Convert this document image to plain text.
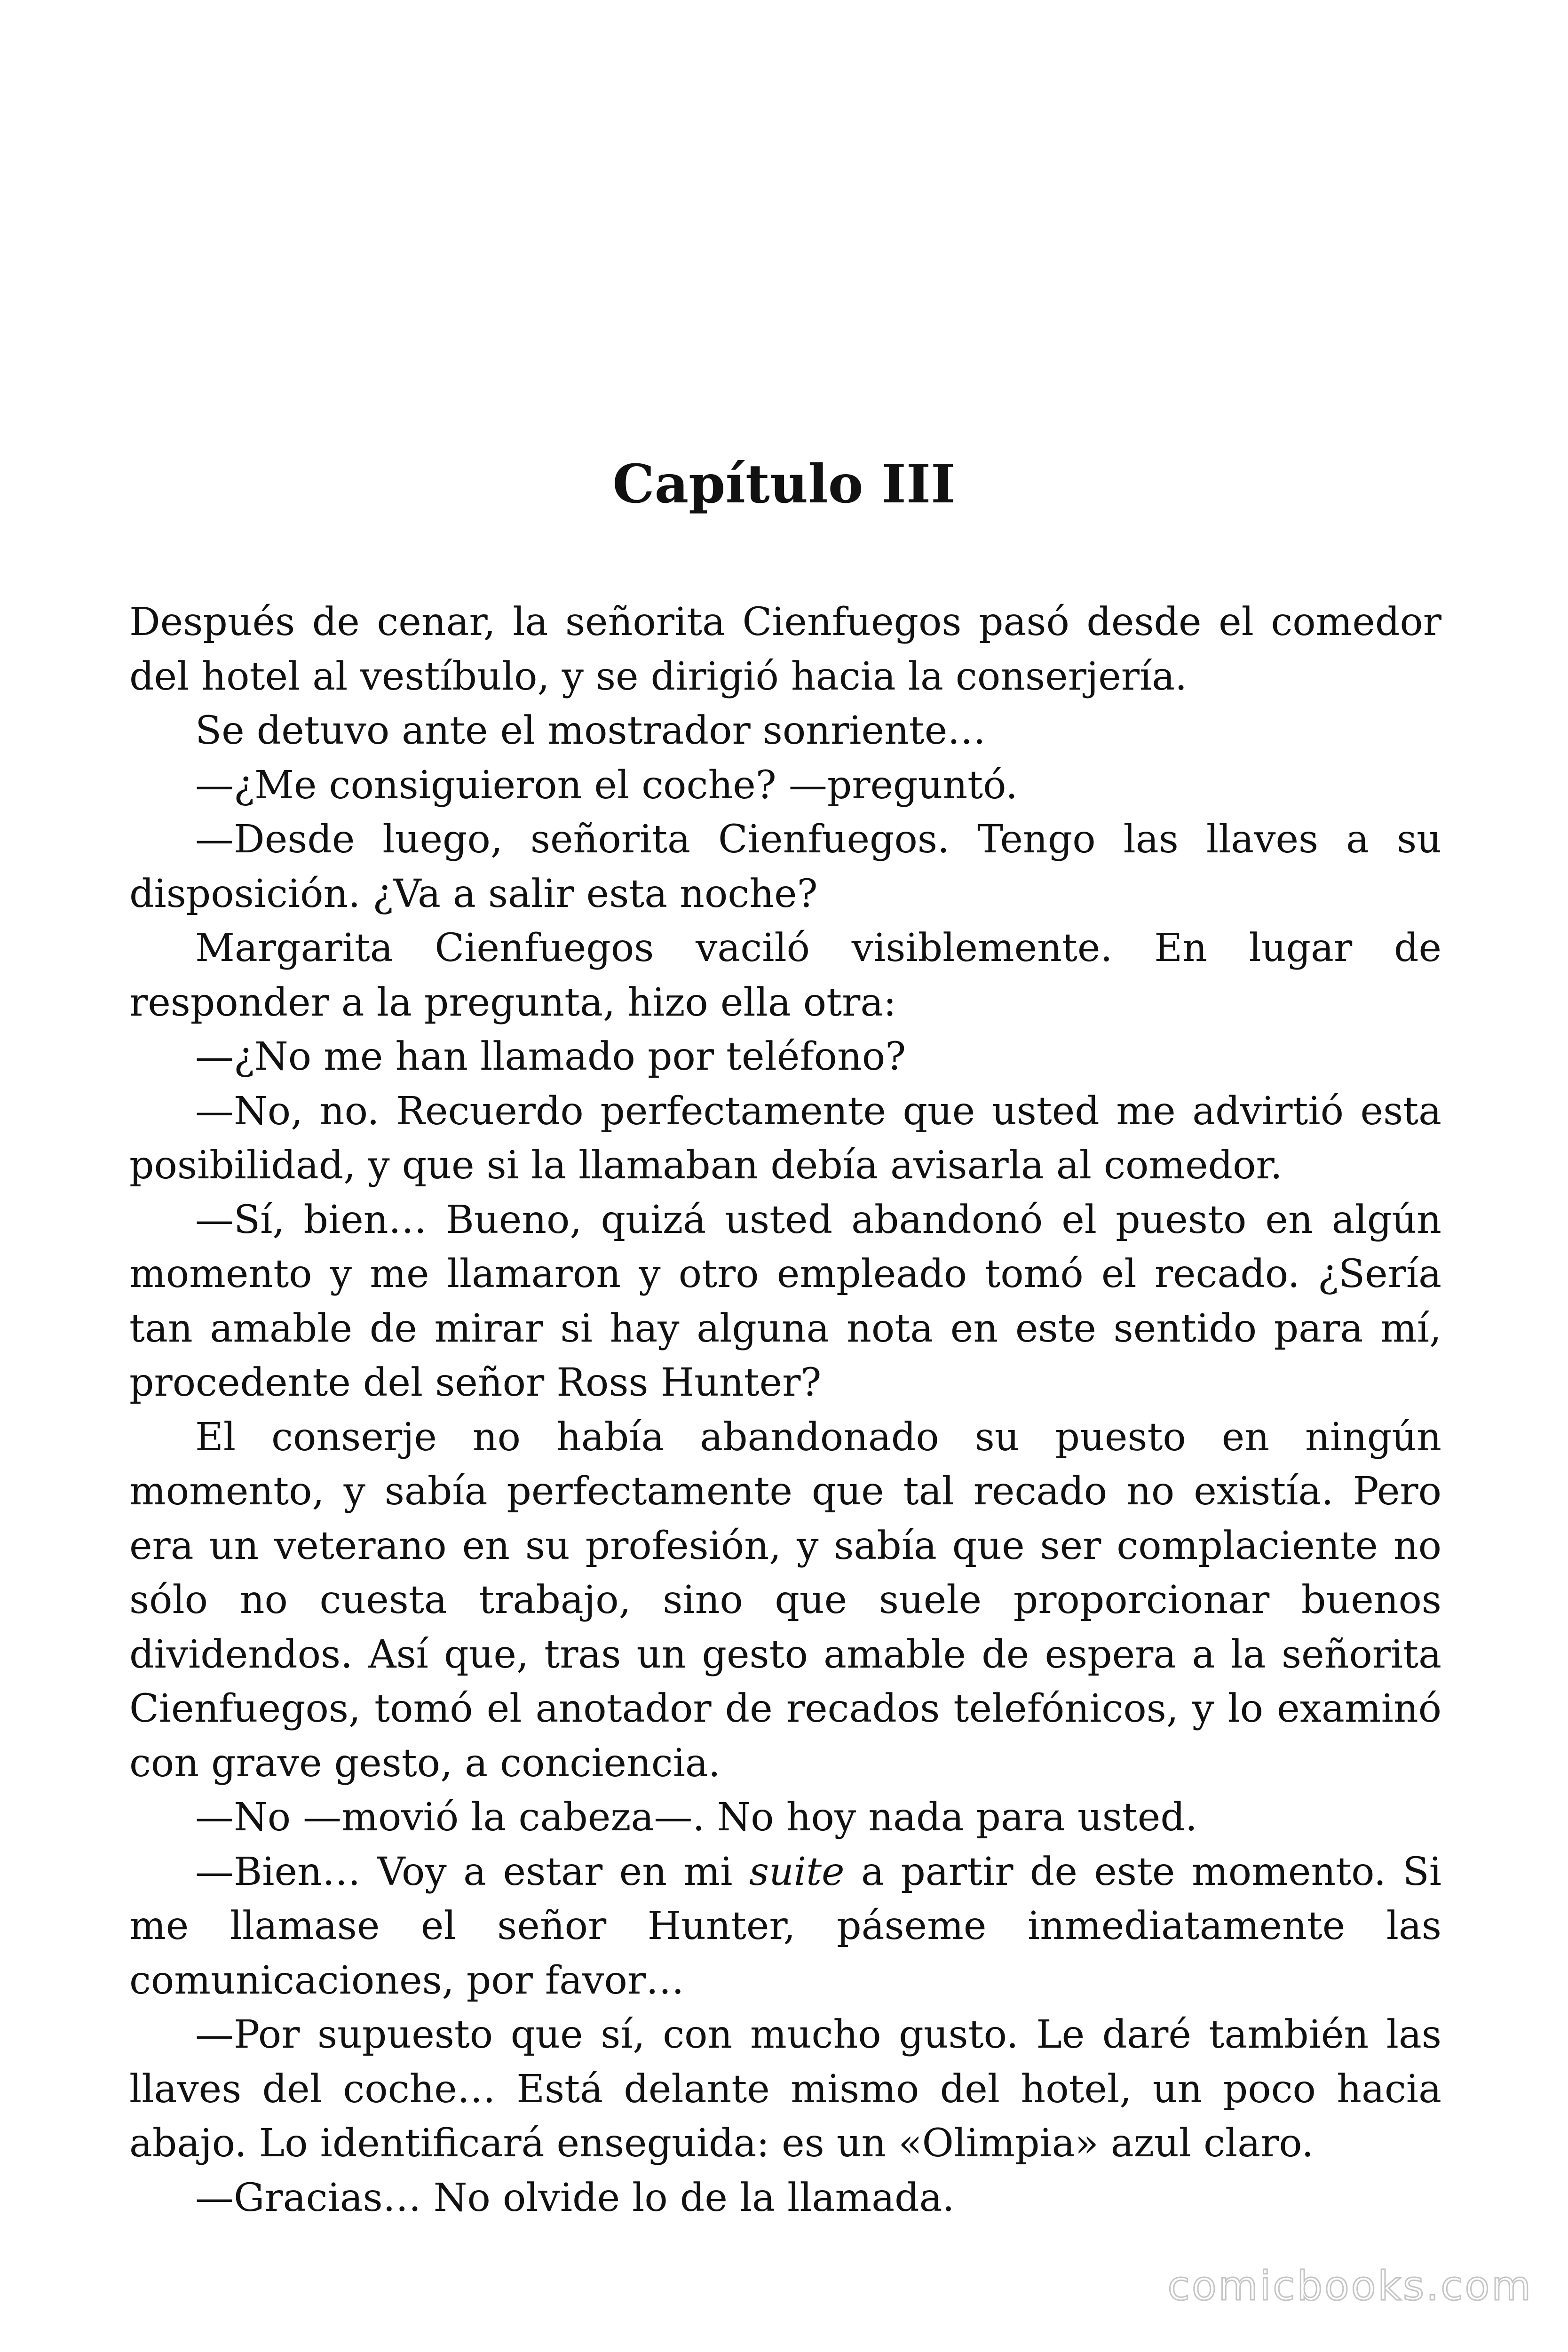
Capítulo III

Después de cenar, la señorita Cienfuegos pasó desde el comedor del hotel al vestíbulo, y se dirigió hacia la conserjería.

Se detuvo ante el mostrador sonriente…

—¿Me consiguieron el coche? —preguntó.

—Desde luego, señorita Cienfuegos. Tengo las llaves a su disposición. ¿Va a salir esta noche?

Margarita Cienfuegos vaciló visiblemente. En lugar de responder a la pregunta, hizo ella otra:

—¿No me han llamado por teléfono?

—No, no. Recuerdo perfectamente que usted me advirtió esta posibilidad, y que si la llamaban debía avisarla al comedor.

—Sí, bien… Bueno, quizá usted abandonó el puesto en algún momento y me llamaron y otro empleado tomó el recado. ¿Sería tan amable de mirar si hay alguna nota en este sentido para mí, procedente del señor Ross Hunter?

El conserje no había abandonado su puesto en ningún momento, y sabía perfectamente que tal recado no existía. Pero era un veterano en su profesión, y sabía que ser complaciente no sólo no cuesta trabajo, sino que suele proporcionar buenos dividendos. Así que, tras un gesto amable de espera a la señorita Cienfuegos, tomó el anotador de recados telefónicos, y lo examinó con grave gesto, a conciencia.

—No —movió la cabeza—. No hoy nada para usted.

—Bien… Voy a estar en mi suite a partir de este momento. Si me llamase el señor Hunter, páseme inmediatamente las comunicaciones, por favor…

—Por supuesto que sí, con mucho gusto. Le daré también las llaves del coche… Está delante mismo del hotel, un poco hacia abajo. Lo identificará enseguida: es un «Olimpia» azul claro.

—Gracias… No olvide lo de la llamada.

comicbooks.com
